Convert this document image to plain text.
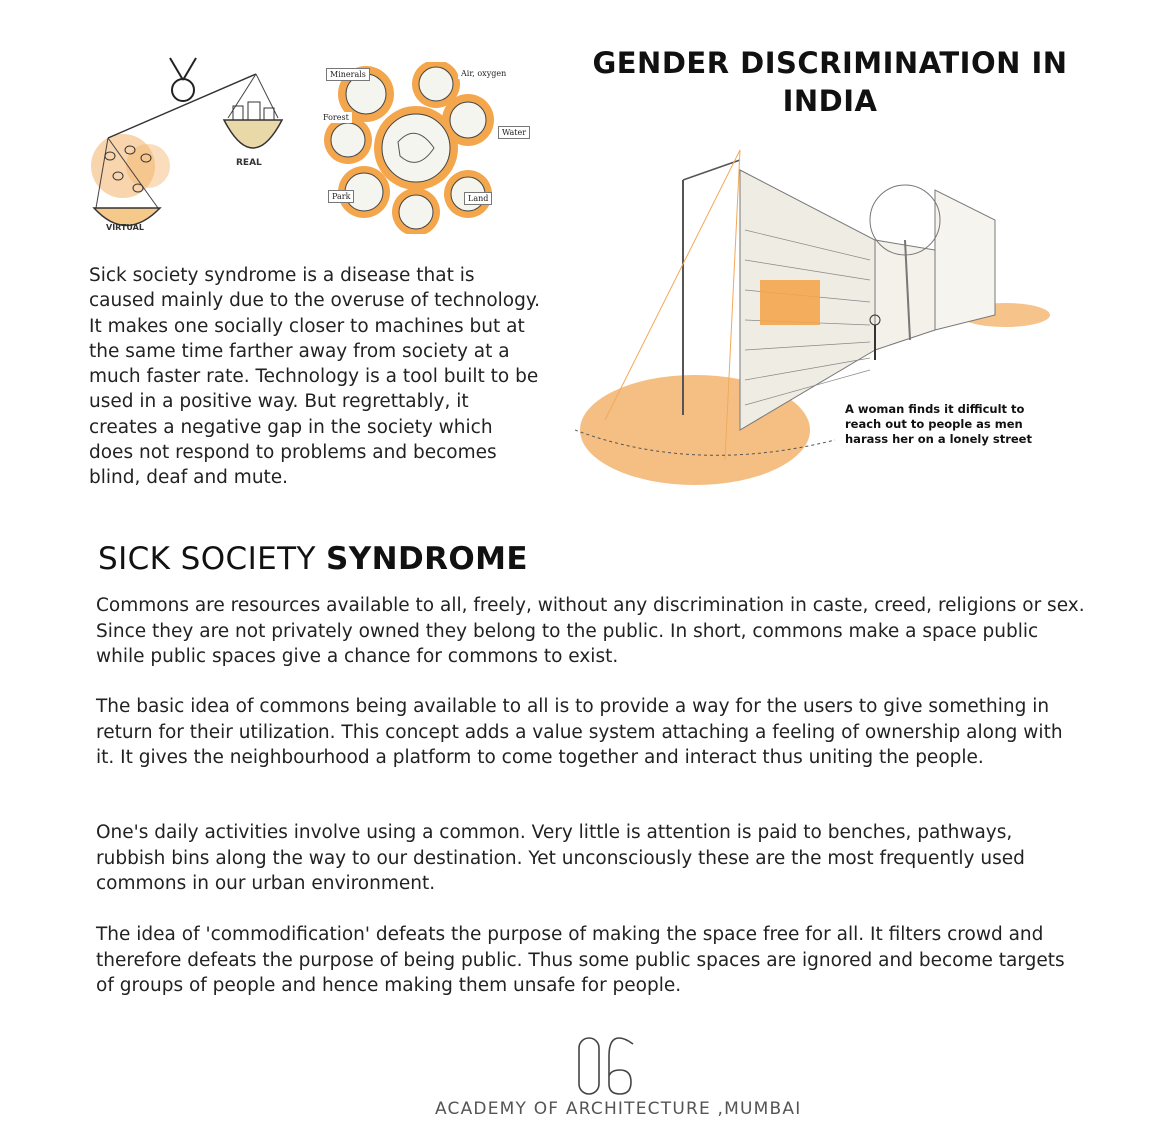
REAL
VIRTUAL
Minerals	Air, oxygen
Forest
Water
Park	Land
GENDER DISCRIMINATION IN
INDIA
A woman finds it difficult to
reach out to people as men
harass her on a lonely street
Sick society syndrome is a disease that is caused mainly due to the overuse of technology. It makes one socially closer to machines but at the same time farther away from society at a much faster rate. Technology is a tool built to be used in a positive way. But regrettably, it creates a negative gap in the society which does not respond to problems and becomes blind, deaf and mute.
SICK SOCIETY SYNDROME
Commons are resources available to all, freely, without any discrimination in caste, creed, religions or sex. Since they are not privately owned they belong to the public. In short, commons make a space public while public spaces give a chance for commons to exist.
The basic idea of commons being available to all is to provide a way for the users to give something in return for their utilization. This concept adds a value system attaching a feeling of ownership along with it. It gives the neighbourhood a platform to come together and interact thus uniting the people.
One's daily activities involve using a common. Very little is attention is paid to benches, pathways, rubbish bins along the way to our destination. Yet unconsciously these are the most frequently used commons in our urban environment.
The idea of 'commodification' defeats the purpose of making the space free for all. It filters crowd and therefore defeats the purpose of being public. Thus some public spaces are ignored and become targets of groups of people and hence making them unsafe for people.
06
ACADEMY OF ARCHITECTURE ,MUMBAI
